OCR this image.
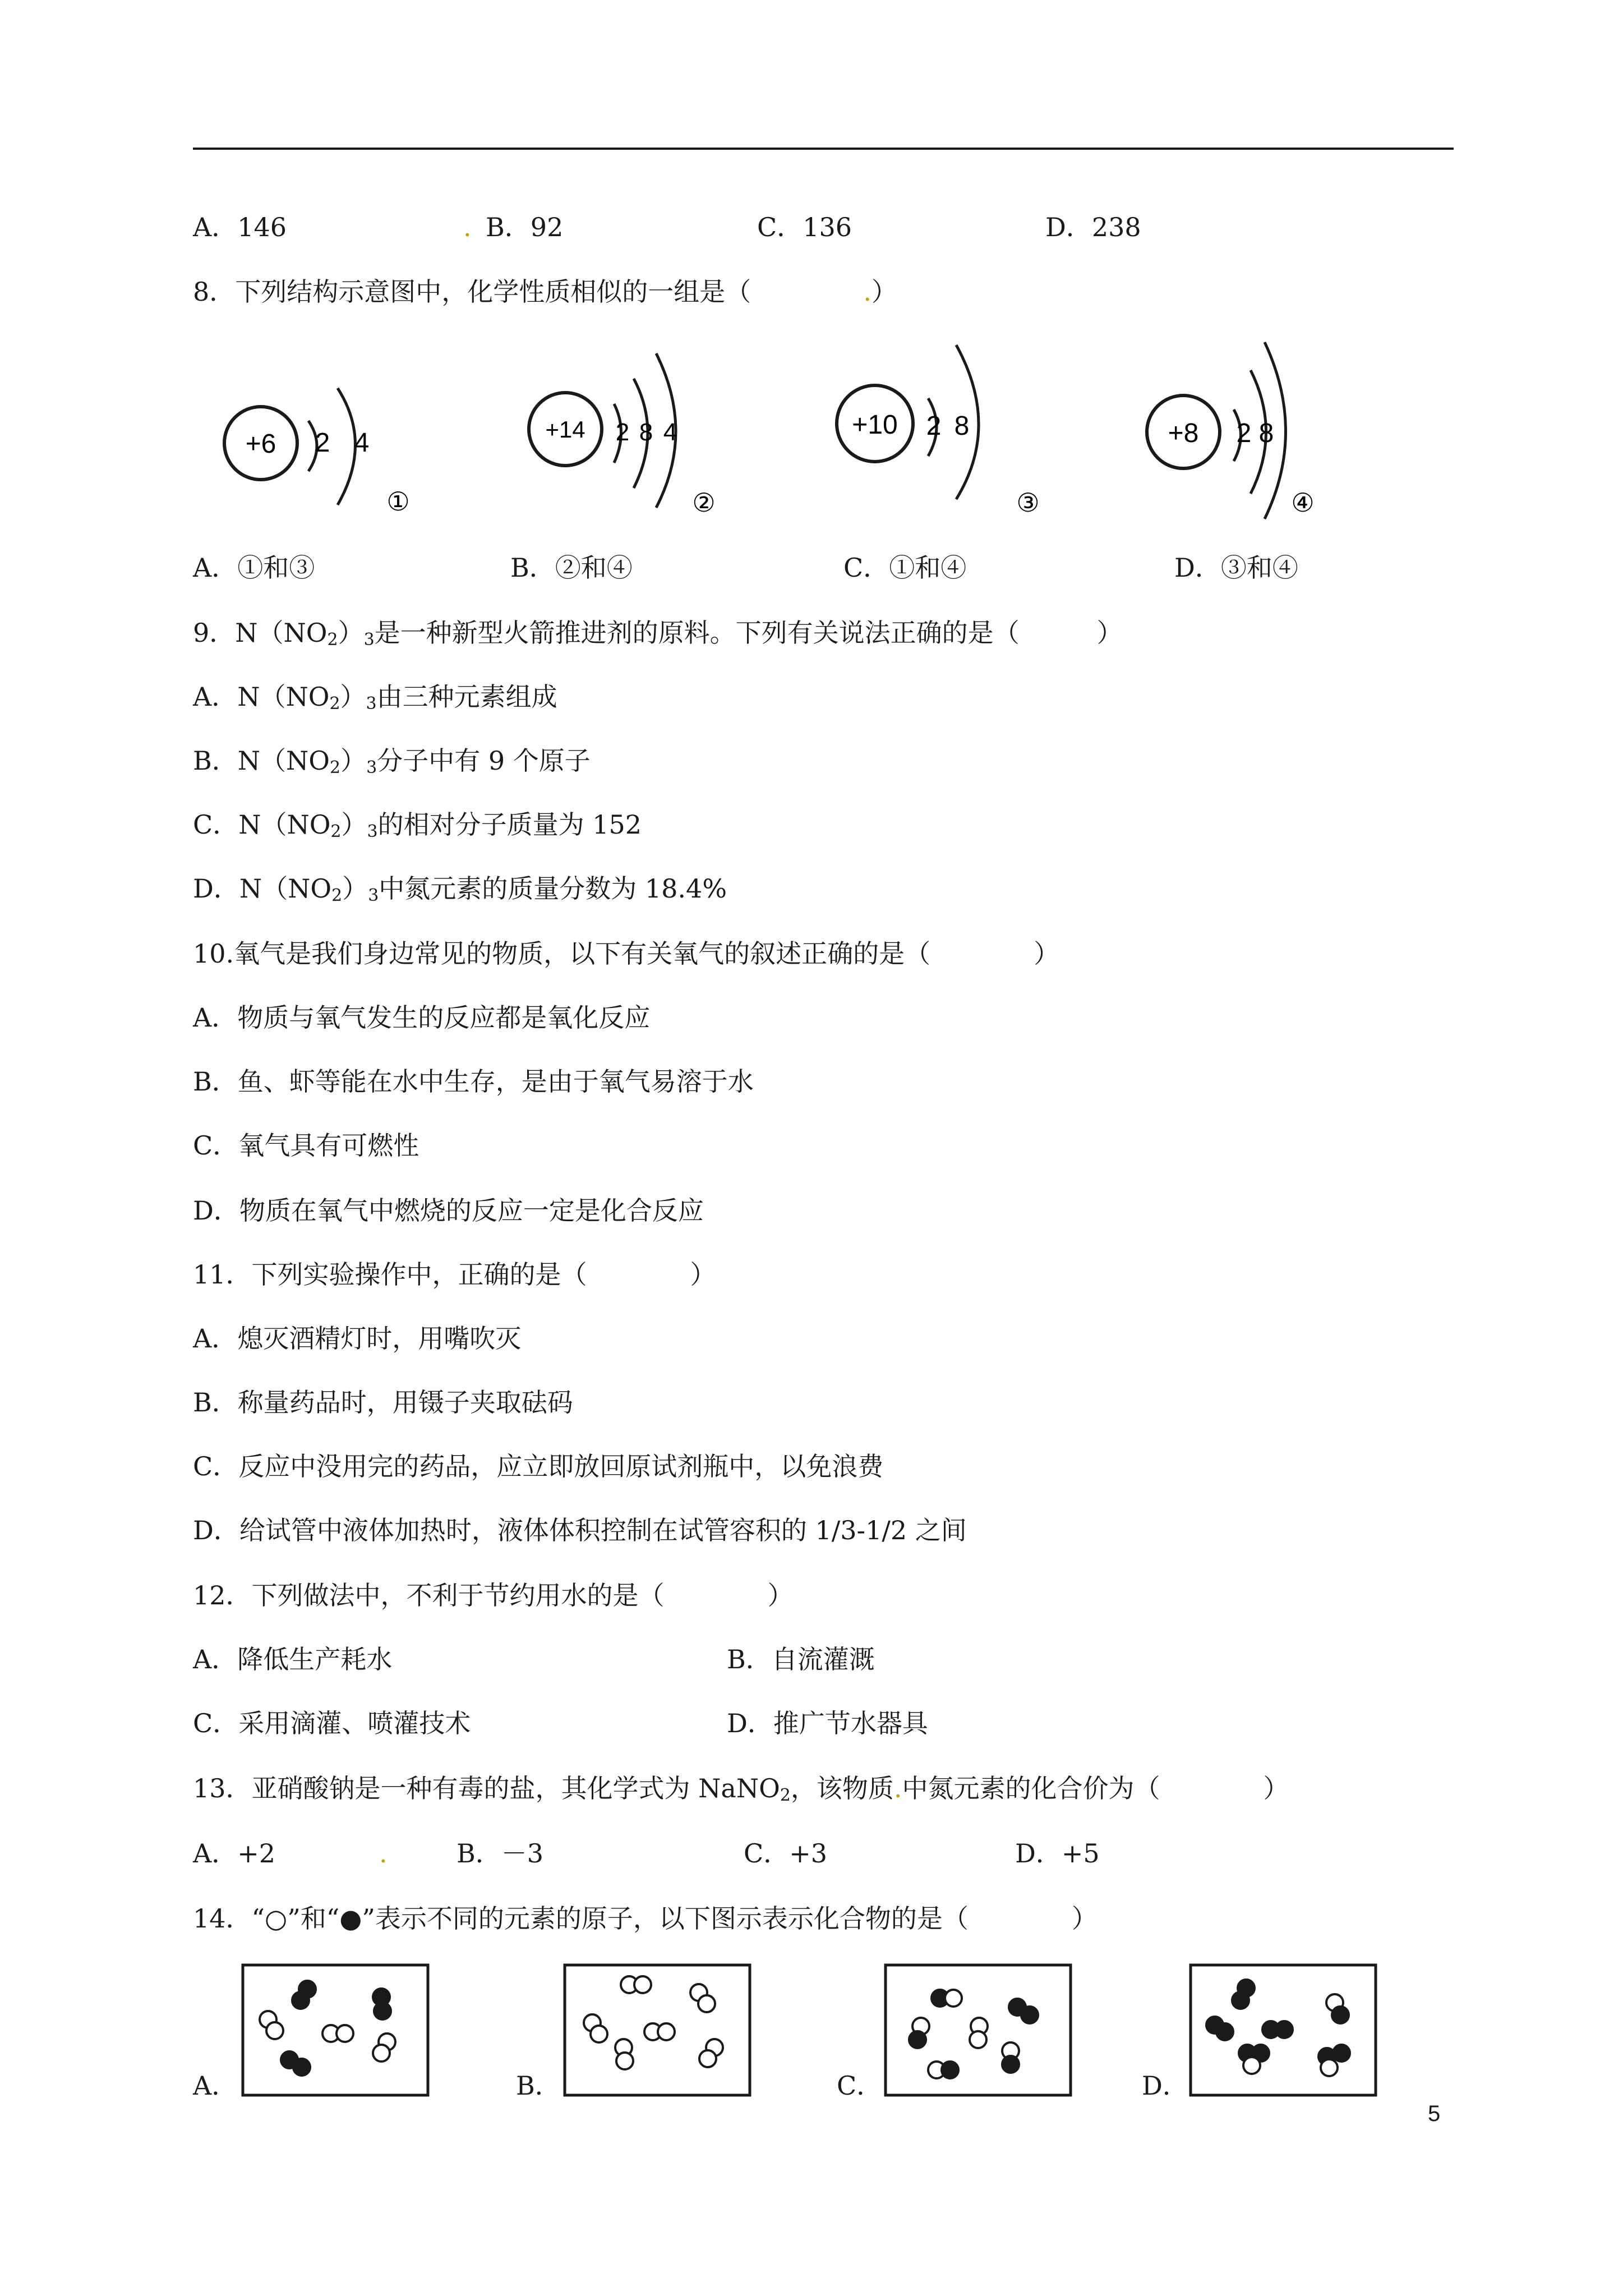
A．146	. B．92	C．136	D．238
8．下列结构示意图中，化学性质相似的一组是（	.）
+6 2 4
①
+14 2 8 4
②
+10 2 8
③
+8 2 8
④
A．①和③	B．②和④	C．①和④	D．③和④
9．$N(NO_2)_3$是一种新型火箭推进剂的原料。下列有关说法正确的是（　　　）
A．$N(NO_2)_3$由三种元素组成
B．$N(NO_2)_3$分子中有 9 个原子
C．$N(NO_2)_3$的相对分子质量为 152
D．$N(NO_2)_3$中氮元素的质量分数为 18.4%
10.氧气是我们身边常见的物质，以下有关氧气的叙述正确的是（　　　　）
A．物质与氧气发生的反应都是氧化反应
B．鱼、虾等能在水中生存，是由于氧气易溶于水
C．氧气具有可燃性
D．物质在氧气中燃烧的反应一定是化合反应
11．下列实验操作中，正确的是（　　　　）
A．熄灭酒精灯时，用嘴吹灭
B．称量药品时，用镊子夹取砝码
C．反应中没用完的药品，应立即放回原试剂瓶中，以免浪费
D．给试管中液体加热时，液体体积控制在试管容积的 1/3-1/2 之间
12．下列做法中，不利于节约用水的是（　　　　）
A．降低生产耗水	B．自流灌溉
C．采用滴灌、喷灌技术	D．推广节水器具
13．亚硝酸钠是一种有毒的盐，其化学式为 NaNO$_2$，该物质.中氮元素的化合价为（　　　　）
A．+2	.	B．－3	C．+3	D．+5
14．“○”和“●”表示不同的元素的原子，以下图示表示化合物的是（　　　　）
A．	B．	C．	D．
5
